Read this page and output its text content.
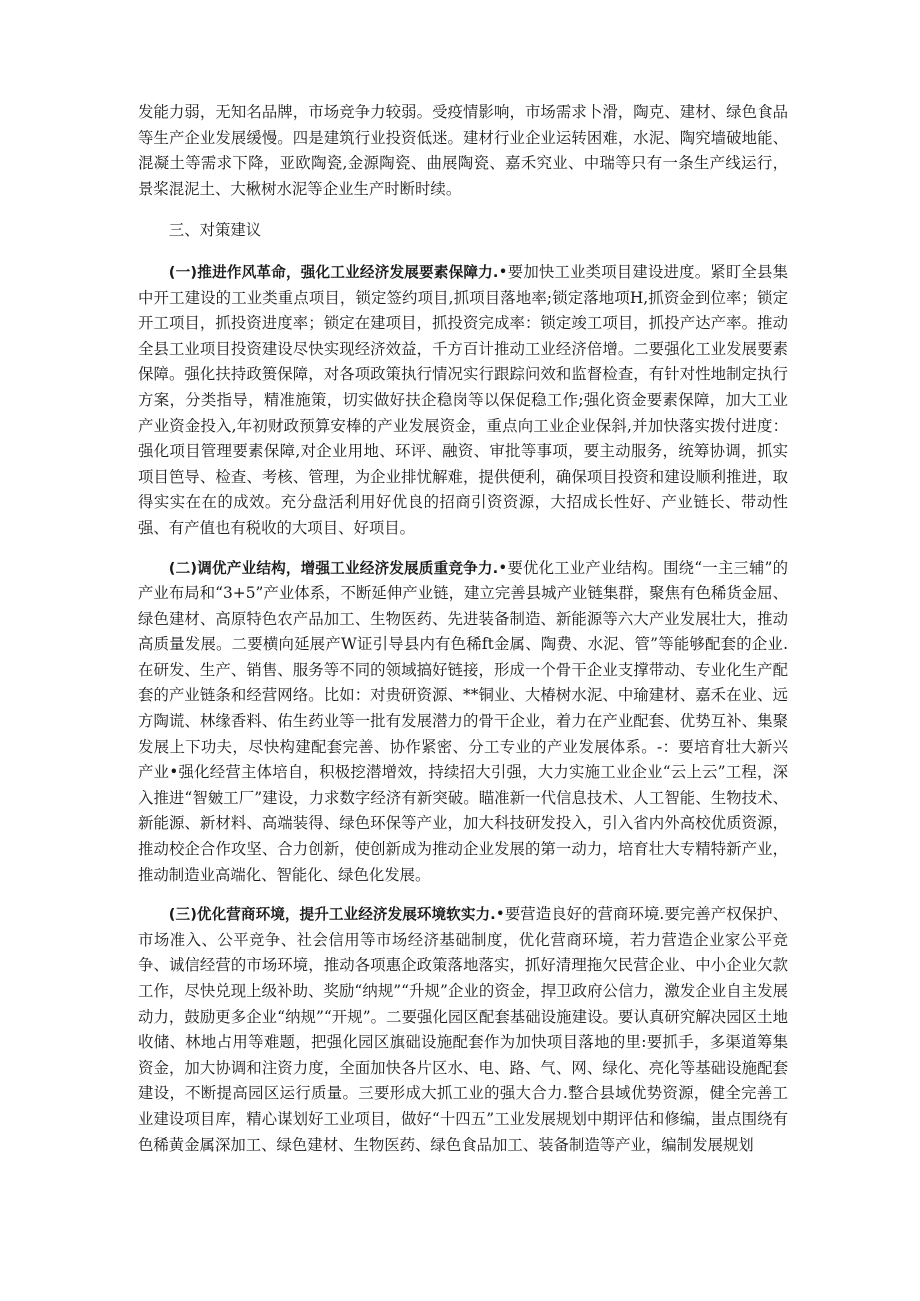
发能力弱，无知名品牌，市场竞争力较弱。受疫情影响，市场需求卜滑，陶克、建材、绿色食品等生产企业发展缓慢。四是建筑行业投资低迷。建材行业企业运转困难，水泥、陶究墙破地能、混凝土等需求下降，亚欧陶瓷,金源陶瓷、曲展陶瓷、嘉禾究业、中瑞等只有一条生产线运行，景桨混泥土、大楸树水泥等企业生产时断时续。

三、对策建议

(一)推进作风革命，强化工业经济发展要素保障力.•要加快工业类项目建设进度。紧盯全县集中开工建设的工业类重点项目，锁定签约项目,抓项目落地率;锁定落地项H,抓资金到位率；锁定开工项目，抓投资进度率；锁定在建项目，抓投资完成率：锁定竣工项目，抓投产达产率。推动全县工业项目投资建设尽快实现经济效益，千方百计推动工业经济倍增。二要强化工业发展要素保障。强化扶持政篑保障，对各项政策执行情况实行跟踪问效和监督检查，有针对性地制定执行方案，分类指导，精准施策，切实做好扶企稳岗等以保促稳工作;强化资金要素保障，加大工业产业资金投入,年初财政预算安棒的产业发展资金，重点向工业企业保斜,并加快落实拨付进度：强化项目管理要素保障,对企业用地、环评、融资、审批等事项，要主动服务，统筹协调，抓实项目笆导、检查、考核、管理，为企业排忧解难，提供便利，确保项目投资和建设顺利推进，取得实实在在的成效。充分盘活利用好优良的招商引资资源，大招成长性好、产业链长、带动性强、有产值也有税收的大项目、好项目。

(二)调优产业结构，增强工业经济发展质重竞争力.•要优化工业产业结构。围绕“一主三辅”的产业布局和“3+5”产业体系，不断延伸产业链，建立完善县城产业链集群，聚焦有色稀货金屈、绿色建材、高原特色农产品加工、生物医药、先进装备制造、新能源等六大产业发展壮大，推动高质量发展。二要横向延展产W证引导县内有色稀ft金属、陶费、水泥、管”等能够配套的企业.在研发、生产、销售、服务等不同的领域搞好链接，形成一个骨干企业支撑带动、专业化生产配套的产业链条和经营网络。比如：对贵研资源、**铜业、大椿树水泥、中瑜建材、嘉禾在业、远方陶谎、林缘香料、佑生药业等一批有发展潜力的骨干企业，着力在产业配套、优势互补、集聚发展上下功夫，尽快构建配套完善、协作紧密、分工专业的产业发展体系。-：要培育壮大新兴产业•强化经营主体培自，积极挖潜增效，持续招大引强，大力实施工业企业“云上云”工程，深入推进“智皴工厂”建设，力求数字经济有新突破。瞄准新一代信息技术、人工智能、生物技术、新能源、新材料、高端装得、绿色环保等产业，加大科技研发投入，引入省内外高校优质资源，推动校企合作攻坚、合力创新，使创新成为推动企业发展的第一动力，培育壮大专精特新产业，推动制造业高端化、智能化、绿色化发展。

(三)优化营商环境，提升工业经济发展环境软实力.•要营造良好的营商环境.要完善产权保护、市场准入、公平竞争、社会信用等市场经济基础制度，优化营商环境，若力营造企业家公平竞争、诚信经营的市场环境，推动各项惠企政策落地落实，抓好清理拖欠民营企业、中小企业欠款工作，尽快兑现上级补助、奖励“纳规”“升规”企业的资金，捍卫政府公信力，激发企业自主发展动力，鼓励更多企业“纳规”“开规”。二要强化园区配套基础设施建设。要认真研究解决园区土地收储、林地占用等难题，把强化园区旗础设施配套作为加快项目落地的里:要抓手，多渠道筹集资金，加大协调和注资力度，全面加快各片区水、电、路、气、网、绿化、亮化等基础设施配套建设，不断提高园区运行质量。三要形成大抓工业的强大合力.整合县域优势资源，健全完善工业建设项目库，精心谋划好工业项目，做好“十四五”工业发展规划中期评估和修编，蚩点围绕有色稀黄金属深加工、绿色建材、生物医药、绿色食品加工、装备制造等产业，编制发展规划
